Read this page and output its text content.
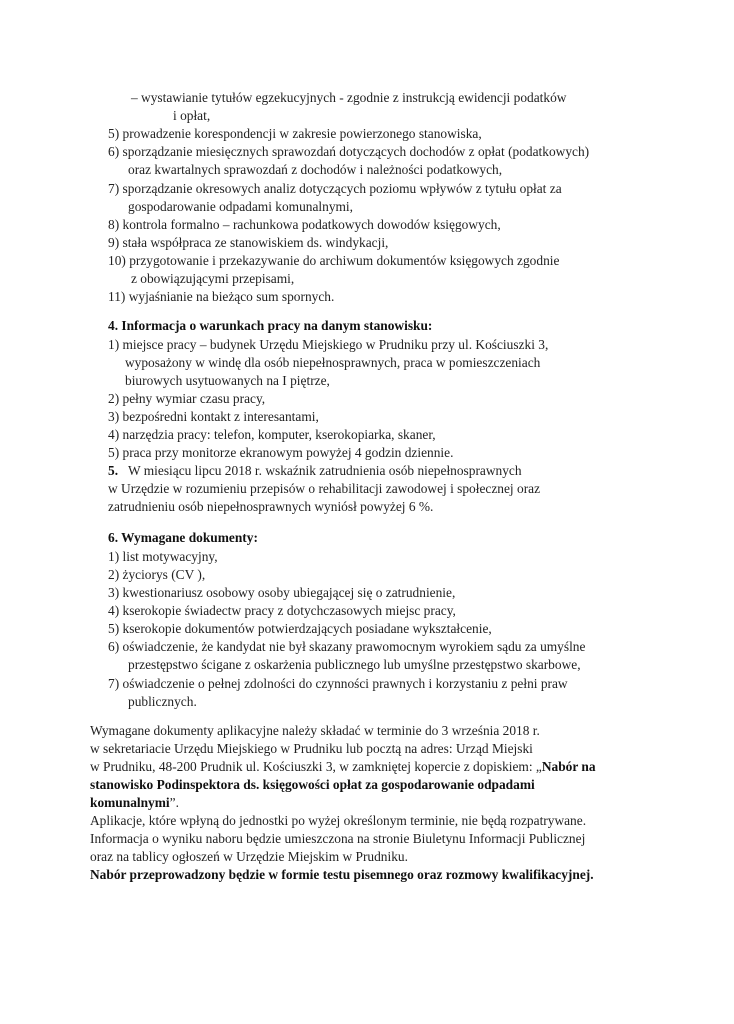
– wystawianie tytułów egzekucyjnych - zgodnie z instrukcją ewidencji podatków
i opłat,
5) prowadzenie korespondencji w zakresie powierzonego stanowiska,
6) sporządzanie miesięcznych sprawozdań dotyczących dochodów z opłat (podatkowych)
oraz kwartalnych sprawozdań z dochodów i należności podatkowych,
7) sporządzanie okresowych analiz dotyczących poziomu wpływów z tytułu opłat za
gospodarowanie odpadami komunalnymi,
8) kontrola formalno – rachunkowa podatkowych dowodów księgowych,
9) stała współpraca ze stanowiskiem ds. windykacji,
10) przygotowanie i przekazywanie do archiwum dokumentów księgowych zgodnie
z obowiązującymi przepisami,
11) wyjaśnianie na bieżąco sum spornych.
4. Informacja o warunkach pracy na danym stanowisku:
1) miejsce pracy – budynek Urzędu Miejskiego w Prudniku przy ul. Kościuszki 3,
wyposażony w windę dla osób niepełnosprawnych, praca w pomieszczeniach
biurowych usytuowanych na I piętrze,
2) pełny wymiar czasu pracy,
3) bezpośredni kontakt z interesantami,
4) narzędzia pracy: telefon, komputer, kserokopiarka, skaner,
5) praca przy monitorze ekranowym powyżej 4 godzin dziennie.
5. W miesiącu lipcu 2018 r. wskaźnik zatrudnienia osób niepełnosprawnych
w Urzędzie w rozumieniu przepisów o rehabilitacji zawodowej i społecznej oraz
zatrudnieniu osób niepełnosprawnych wyniósł powyżej 6 %.
6. Wymagane dokumenty:
1) list motywacyjny,
2) życiorys (CV ),
3) kwestionariusz osobowy osoby ubiegającej się o zatrudnienie,
4) kserokopie świadectw pracy z dotychczasowych miejsc pracy,
5) kserokopie dokumentów potwierdzających posiadane wykształcenie,
6) oświadczenie, że kandydat nie był skazany prawomocnym wyrokiem sądu za umyślne
przestępstwo ścigane z oskarżenia publicznego lub umyślne przestępstwo skarbowe,
7) oświadczenie o pełnej zdolności do czynności prawnych i korzystaniu z pełni praw
publicznych.
Wymagane dokumenty aplikacyjne należy składać w terminie do 3 września 2018 r.
w sekretariacie Urzędu Miejskiego w Prudniku lub pocztą na adres: Urząd Miejski
w Prudniku, 48-200 Prudnik ul. Kościuszki 3, w zamkniętej kopercie z dopiskiem: „Nabór na
stanowisko Podinspektora ds. księgowości opłat za gospodarowanie odpadami
komunalnymi”.
Aplikacje, które wpłyną do jednostki po wyżej określonym terminie, nie będą rozpatrywane.
Informacja o wyniku naboru będzie umieszczona na stronie Biuletynu Informacji Publicznej
oraz na tablicy ogłoszeń w Urzędzie Miejskim w Prudniku.
Nabór przeprowadzony będzie w formie testu pisemnego oraz rozmowy kwalifikacyjnej.
